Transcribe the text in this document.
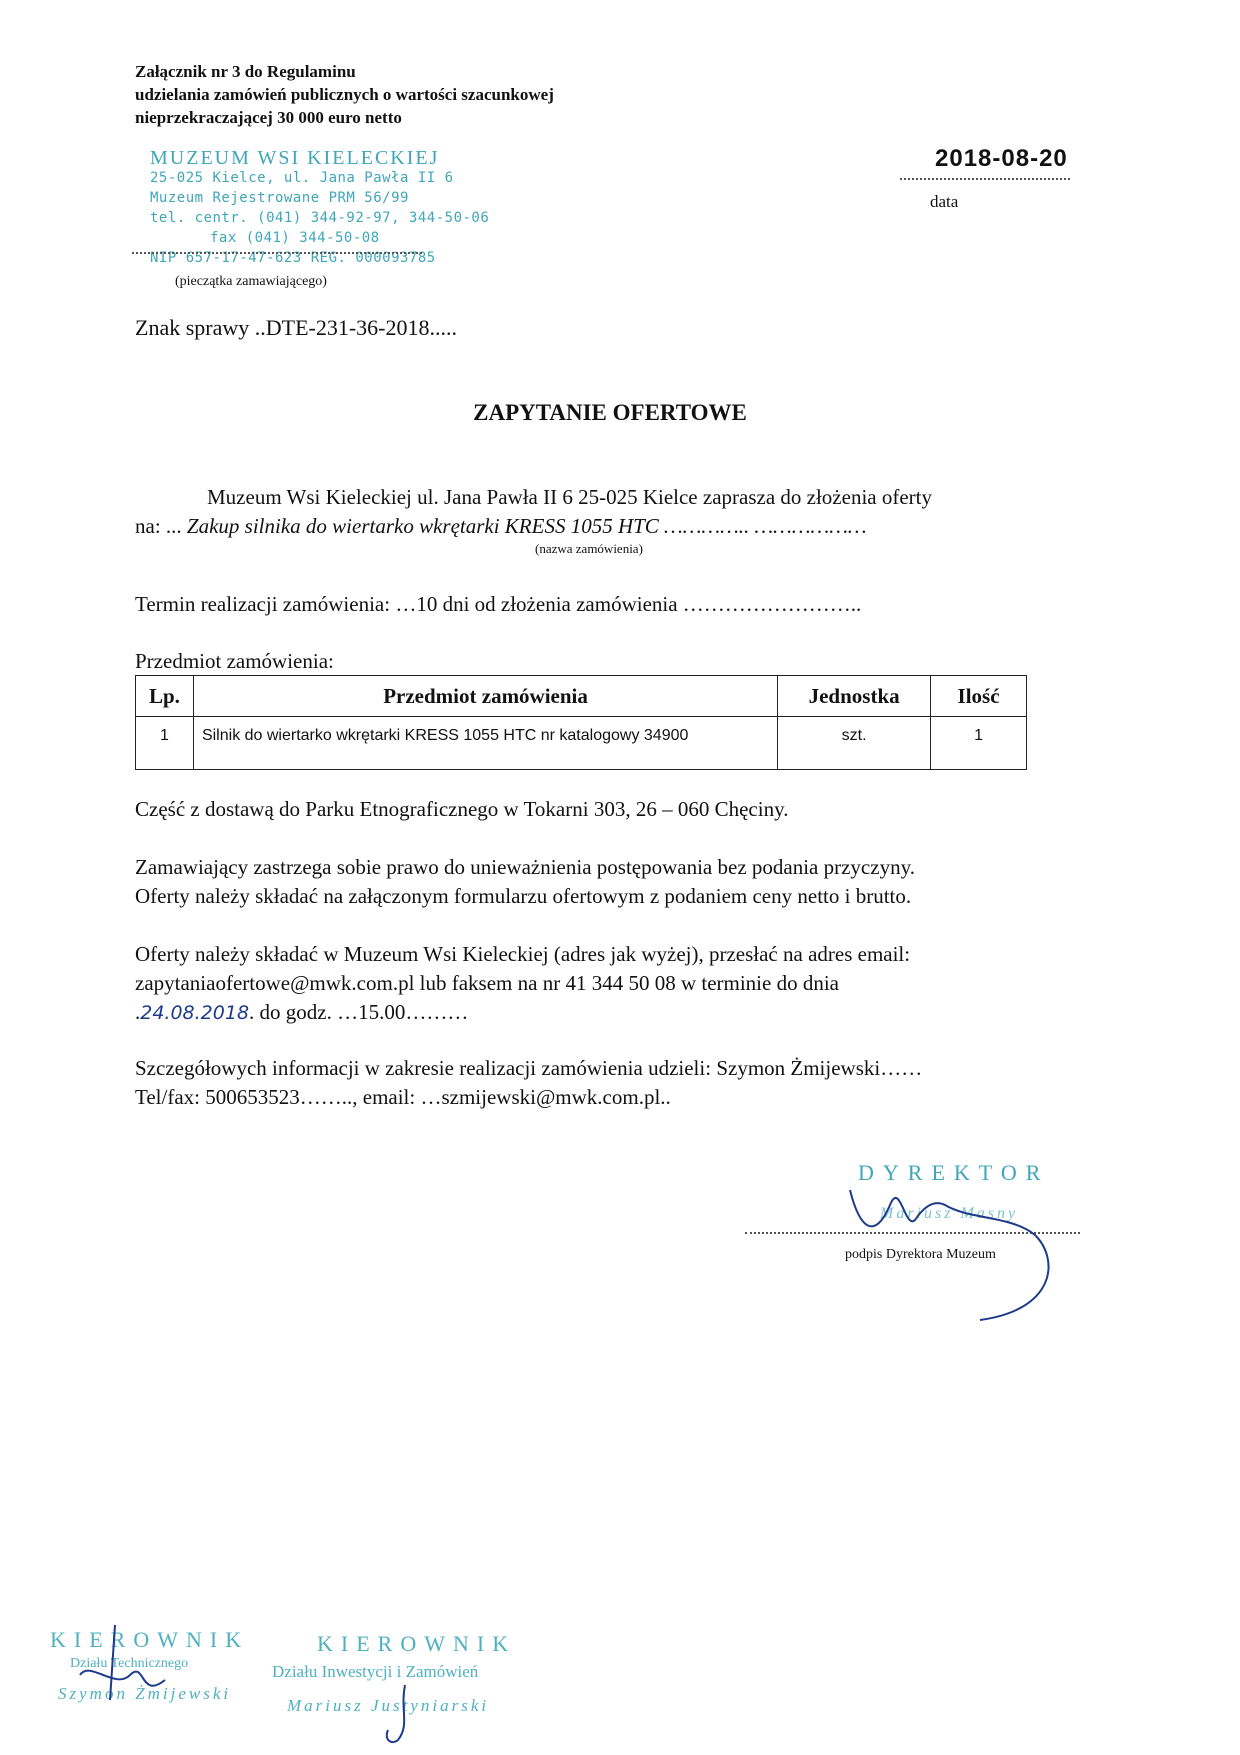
Załącznik nr 3 do Regulaminu
udzielania zamówień publicznych o wartości szacunkowej
nieprzekraczającej 30 000 euro netto
MUZEUM WSI KIELECKIEJ
25-025 Kielce, ul. Jana Pawła II 6
Muzeum Rejestrowane PRM 56/99
tel. centr. (041) 344-92-97, 344-50-06
fax (041) 344-50-08
NIP 657-17-47-623 REG. 000093785
(pieczątka zamawiającego)
2018-08-20
data
Znak sprawy ..DTE-231-36-2018.....
ZAPYTANIE OFERTOWE
Muzeum Wsi Kieleckiej ul. Jana Pawła II 6 25-025 Kielce zaprasza do złożenia oferty
na: ... Zakup silnika do wiertarko wkrętarki KRESS 1055 HTC ………….. ………………
(nazwa zamówienia)
Termin realizacji zamówienia: …10 dni od złożenia zamówienia ……………………..
Przedmiot zamówienia:
Lp.	Przedmiot zamówienia	Jednostka	Ilość
1	Silnik do wiertarko wkrętarki KRESS 1055 HTC nr katalogowy 34900	szt.	1
Część z dostawą do Parku Etnograficznego w Tokarni 303, 26 – 060 Chęciny.
Zamawiający zastrzega sobie prawo do unieważnienia postępowania bez podania przyczyny.
Oferty należy składać na załączonym formularzu ofertowym z podaniem ceny netto i brutto.
Oferty należy składać w Muzeum Wsi Kieleckiej (adres jak wyżej), przesłać na adres email:
zapytaniaofertowe@mwk.com.pl lub faksem na nr 41 344 50 08 w terminie do dnia
.24.08.2018. do godz. …15.00………
Szczegółowych informacji w zakresie realizacji zamówienia udzieli: Szymon Żmijewski……
Tel/fax: 500653523…….., email: …szmijewski@mwk.com.pl..
DYREKTOR
Mariusz Masny
podpis Dyrektora Muzeum
KIEROWNIK
Działu Technicznego
Szymon Żmijewski
KIEROWNIK
Działu Inwestycji i Zamówień
Mariusz Justyniarski
